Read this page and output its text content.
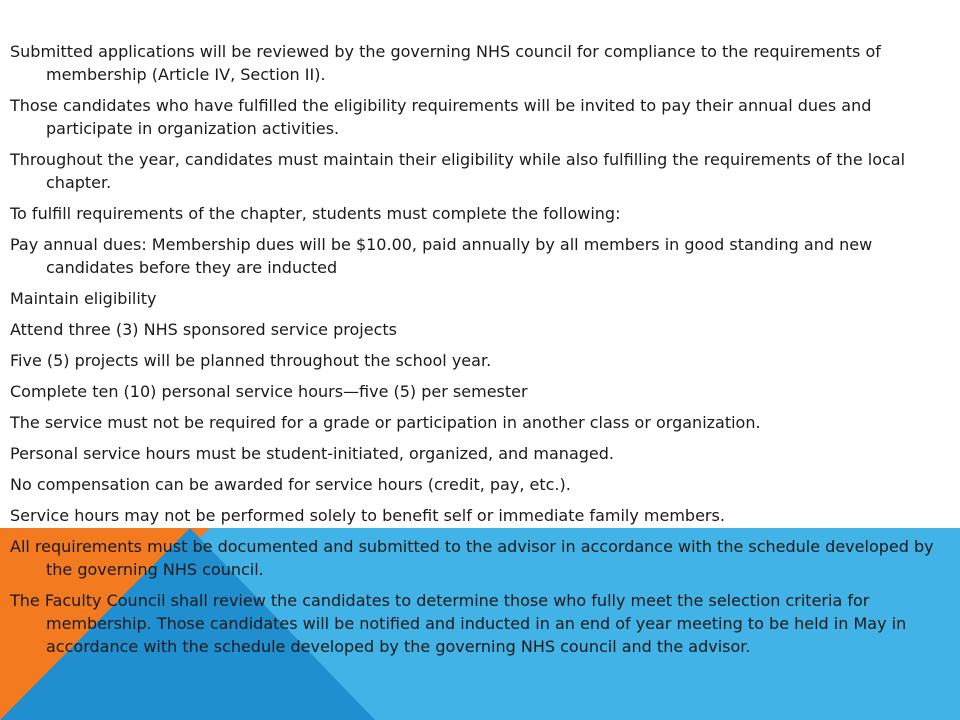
Submitted applications will be reviewed by the governing NHS council for compliance to the requirements of membership (Article IV, Section II).

Those candidates who have fulfilled the eligibility requirements will be invited to pay their annual dues and participate in organization activities.

Throughout the year, candidates must maintain their eligibility while also fulfilling the requirements of the local chapter.

To fulfill requirements of the chapter, students must complete the following:

Pay annual dues: Membership dues will be $10.00, paid annually by all members in good standing and new candidates before they are inducted

Maintain eligibility

Attend three (3) NHS sponsored service projects

Five (5) projects will be planned throughout the school year.

Complete ten (10) personal service hours—five (5) per semester

The service must not be required for a grade or participation in another class or organization.

Personal service hours must be student-initiated, organized, and managed.

No compensation can be awarded for service hours (credit, pay, etc.).

Service hours may not be performed solely to benefit self or immediate family members.

All requirements must be documented and submitted to the advisor in accordance with the schedule developed by the governing NHS council.

The Faculty Council shall review the candidates to determine those who fully meet the selection criteria for membership. Those candidates will be notified and inducted in an end of year meeting to be held in May in accordance with the schedule developed by the governing NHS council and the advisor.
